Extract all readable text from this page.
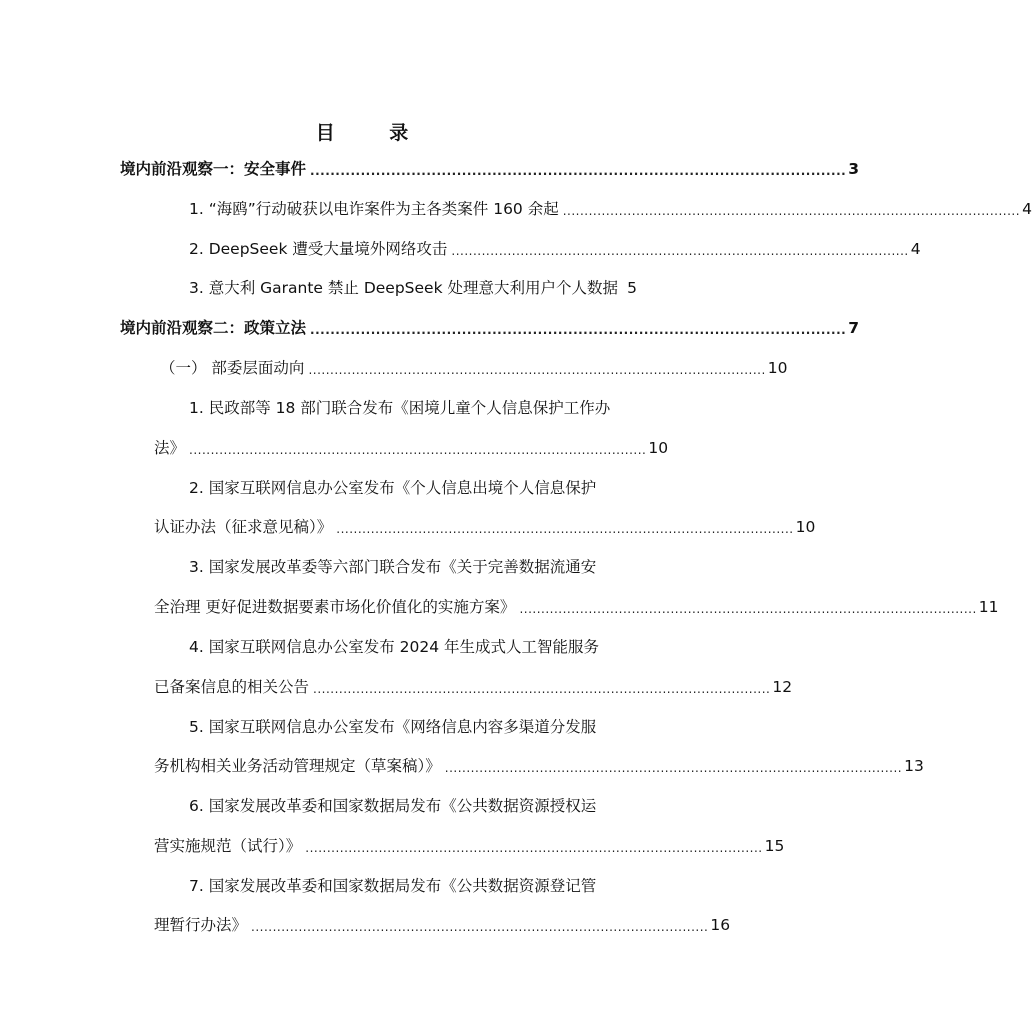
目 录
境内前沿观察一：安全事件 .......................................................................................................... 3
1. “海鸥”行动破获以电诈案件为主各类案件 160 余起 .......................................................................................................... 4
2. DeepSeek 遭受大量境外网络攻击 .......................................................................................................... 4
3. 意大利 Garante 禁止 DeepSeek 处理意大利用户个人数据 5
境内前沿观察二：政策立法 .......................................................................................................... 7
（一） 部委层面动向 .......................................................................................................... 10
1. 民政部等 18 部门联合发布《困境儿童个人信息保护工作办
法》 .......................................................................................................... 10
2. 国家互联网信息办公室发布《个人信息出境个人信息保护
认证办法（征求意见稿）》 .......................................................................................................... 10
3. 国家发展改革委等六部门联合发布《关于完善数据流通安
全治理 更好促进数据要素市场化价值化的实施方案》 .......................................................................................................... 11
4. 国家互联网信息办公室发布 2024 年生成式人工智能服务
已备案信息的相关公告 .......................................................................................................... 12
5. 国家互联网信息办公室发布《网络信息内容多渠道分发服
务机构相关业务活动管理规定（草案稿）》 .......................................................................................................... 13
6. 国家发展改革委和国家数据局发布《公共数据资源授权运
营实施规范（试行）》 .......................................................................................................... 15
7. 国家发展改革委和国家数据局发布《公共数据资源登记管
理暂行办法》 .......................................................................................................... 16
